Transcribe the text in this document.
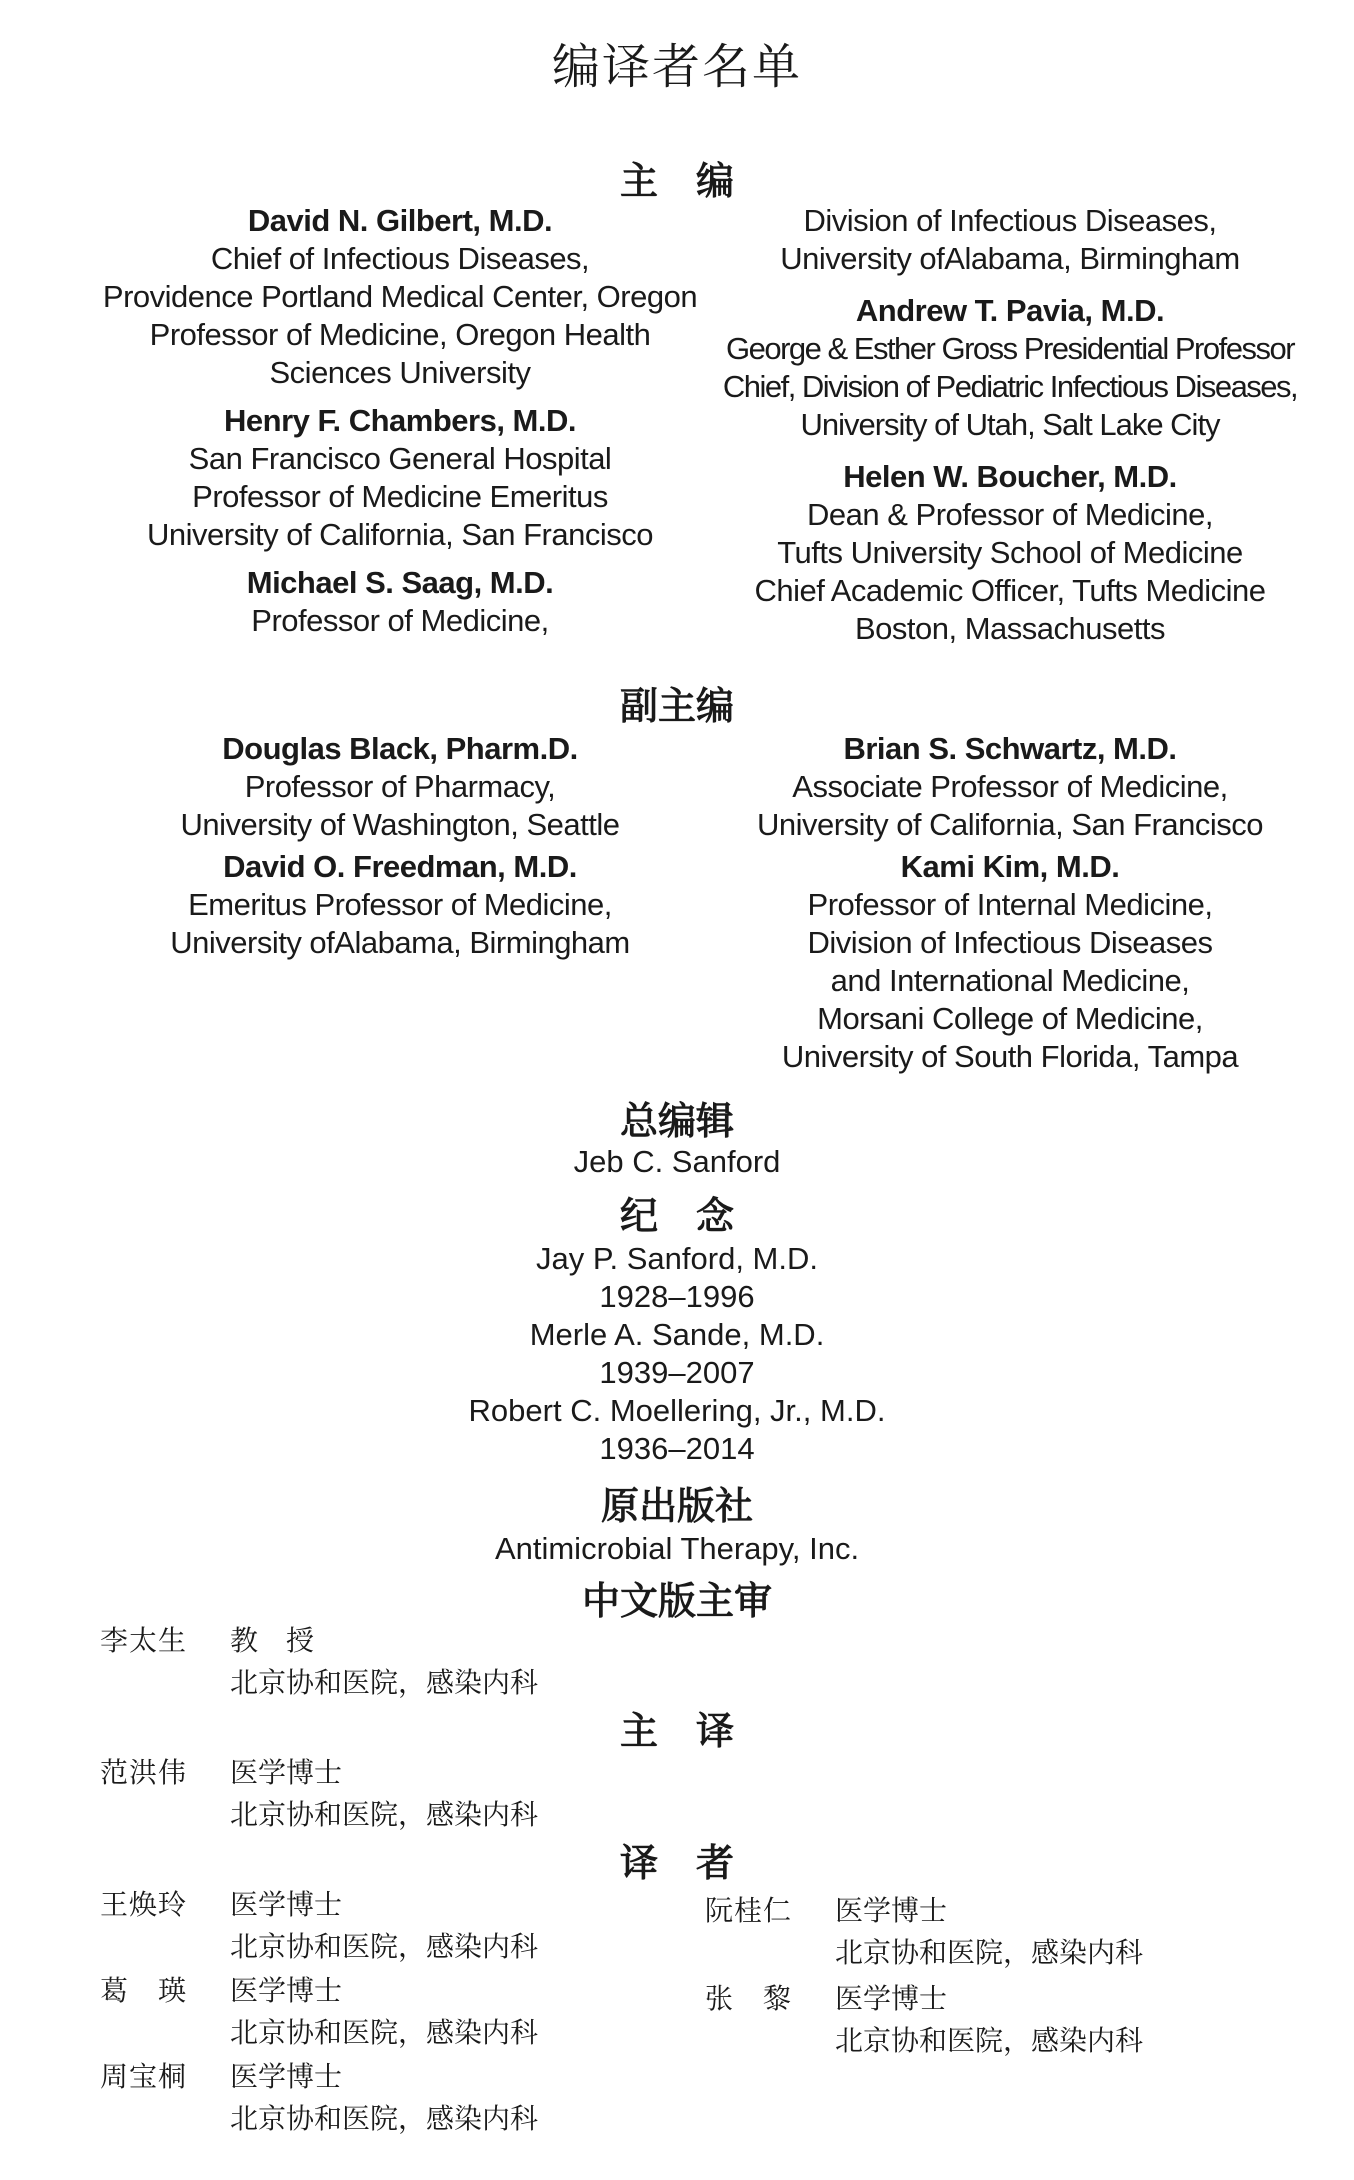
编译者名单
主　编
David N. Gilbert, M.D.
Chief of Infectious Diseases,
Providence Portland Medical Center, Oregon
Professor of Medicine, Oregon Health
Sciences University
Henry F. Chambers, M.D.
San Francisco General Hospital
Professor of Medicine Emeritus
University of California, San Francisco
Michael S. Saag, M.D.
Professor of Medicine,
Division of Infectious Diseases,
University ofAlabama, Birmingham
Andrew T. Pavia, M.D.
George & Esther Gross Presidential Professor
Chief, Division of Pediatric Infectious Diseases,
University of Utah, Salt Lake City
Helen W. Boucher, M.D.
Dean & Professor of Medicine,
Tufts University School of Medicine
Chief Academic Officer, Tufts Medicine
Boston, Massachusetts
副主编
Douglas Black, Pharm.D.
Professor of Pharmacy,
University of Washington, Seattle
David O. Freedman, M.D.
Emeritus Professor of Medicine,
University ofAlabama, Birmingham
Brian S. Schwartz, M.D.
Associate Professor of Medicine,
University of California, San Francisco
Kami Kim, M.D.
Professor of Internal Medicine,
Division of Infectious Diseases
and International Medicine,
Morsani College of Medicine,
University of South Florida, Tampa
总编辑
Jeb C. Sanford
纪　念
Jay P. Sanford, M.D.
1928–1996
Merle A. Sande, M.D.
1939–2007
Robert C. Moellering, Jr., M.D.
1936–2014
原出版社
Antimicrobial Therapy, Inc.
中文版主审
李太生	教　授
北京协和医院，感染内科
主　译
范洪伟	医学博士
北京协和医院，感染内科
译　者
王焕玲	医学博士
北京协和医院，感染内科
葛　瑛	医学博士
北京协和医院，感染内科
周宝桐	医学博士
北京协和医院，感染内科
阮桂仁	医学博士
北京协和医院，感染内科
张　黎	医学博士
北京协和医院，感染内科
